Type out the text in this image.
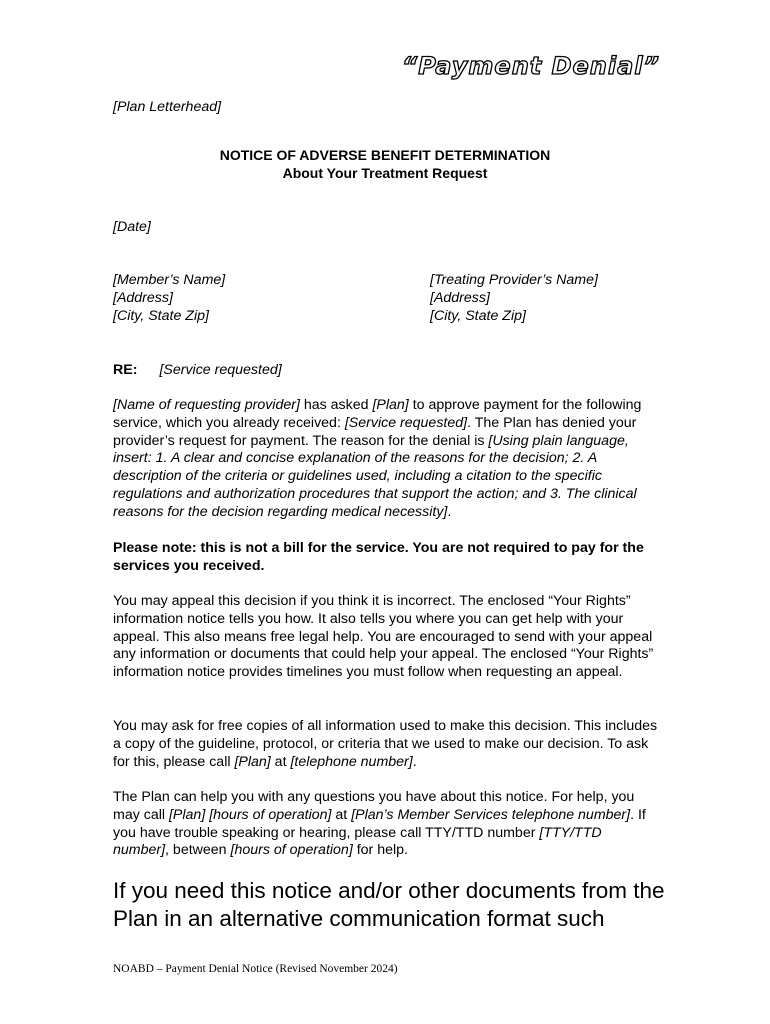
“Payment Denial”
[Plan Letterhead]
NOTICE OF ADVERSE BENEFIT DETERMINATION
About Your Treatment Request
[Date]
[Member’s Name]
[Address]
[City, State Zip]
[Treating Provider’s Name]
[Address]
[City, State Zip]
RE: [Service requested]
[Name of requesting provider] has asked [Plan] to approve payment for the following service, which you already received: [Service requested]. The Plan has denied your provider’s request for payment. The reason for the denial is [Using plain language, insert: 1. A clear and concise explanation of the reasons for the decision; 2. A description of the criteria or guidelines used, including a citation to the specific regulations and authorization procedures that support the action; and 3. The clinical reasons for the decision regarding medical necessity].
Please note: this is not a bill for the service. You are not required to pay for the services you received.
You may appeal this decision if you think it is incorrect. The enclosed “Your Rights” information notice tells you how. It also tells you where you can get help with your appeal. This also means free legal help. You are encouraged to send with your appeal any information or documents that could help your appeal. The enclosed “Your Rights” information notice provides timelines you must follow when requesting an appeal.
You may ask for free copies of all information used to make this decision. This includes a copy of the guideline, protocol, or criteria that we used to make our decision. To ask for this, please call [Plan] at [telephone number].
The Plan can help you with any questions you have about this notice. For help, you may call [Plan] [hours of operation] at [Plan’s Member Services telephone number]. If you have trouble speaking or hearing, please call TTY/TTD number [TTY/TTD number], between [hours of operation] for help.
If you need this notice and/or other documents from the Plan in an alternative communication format such
NOABD – Payment Denial Notice (Revised November 2024)
